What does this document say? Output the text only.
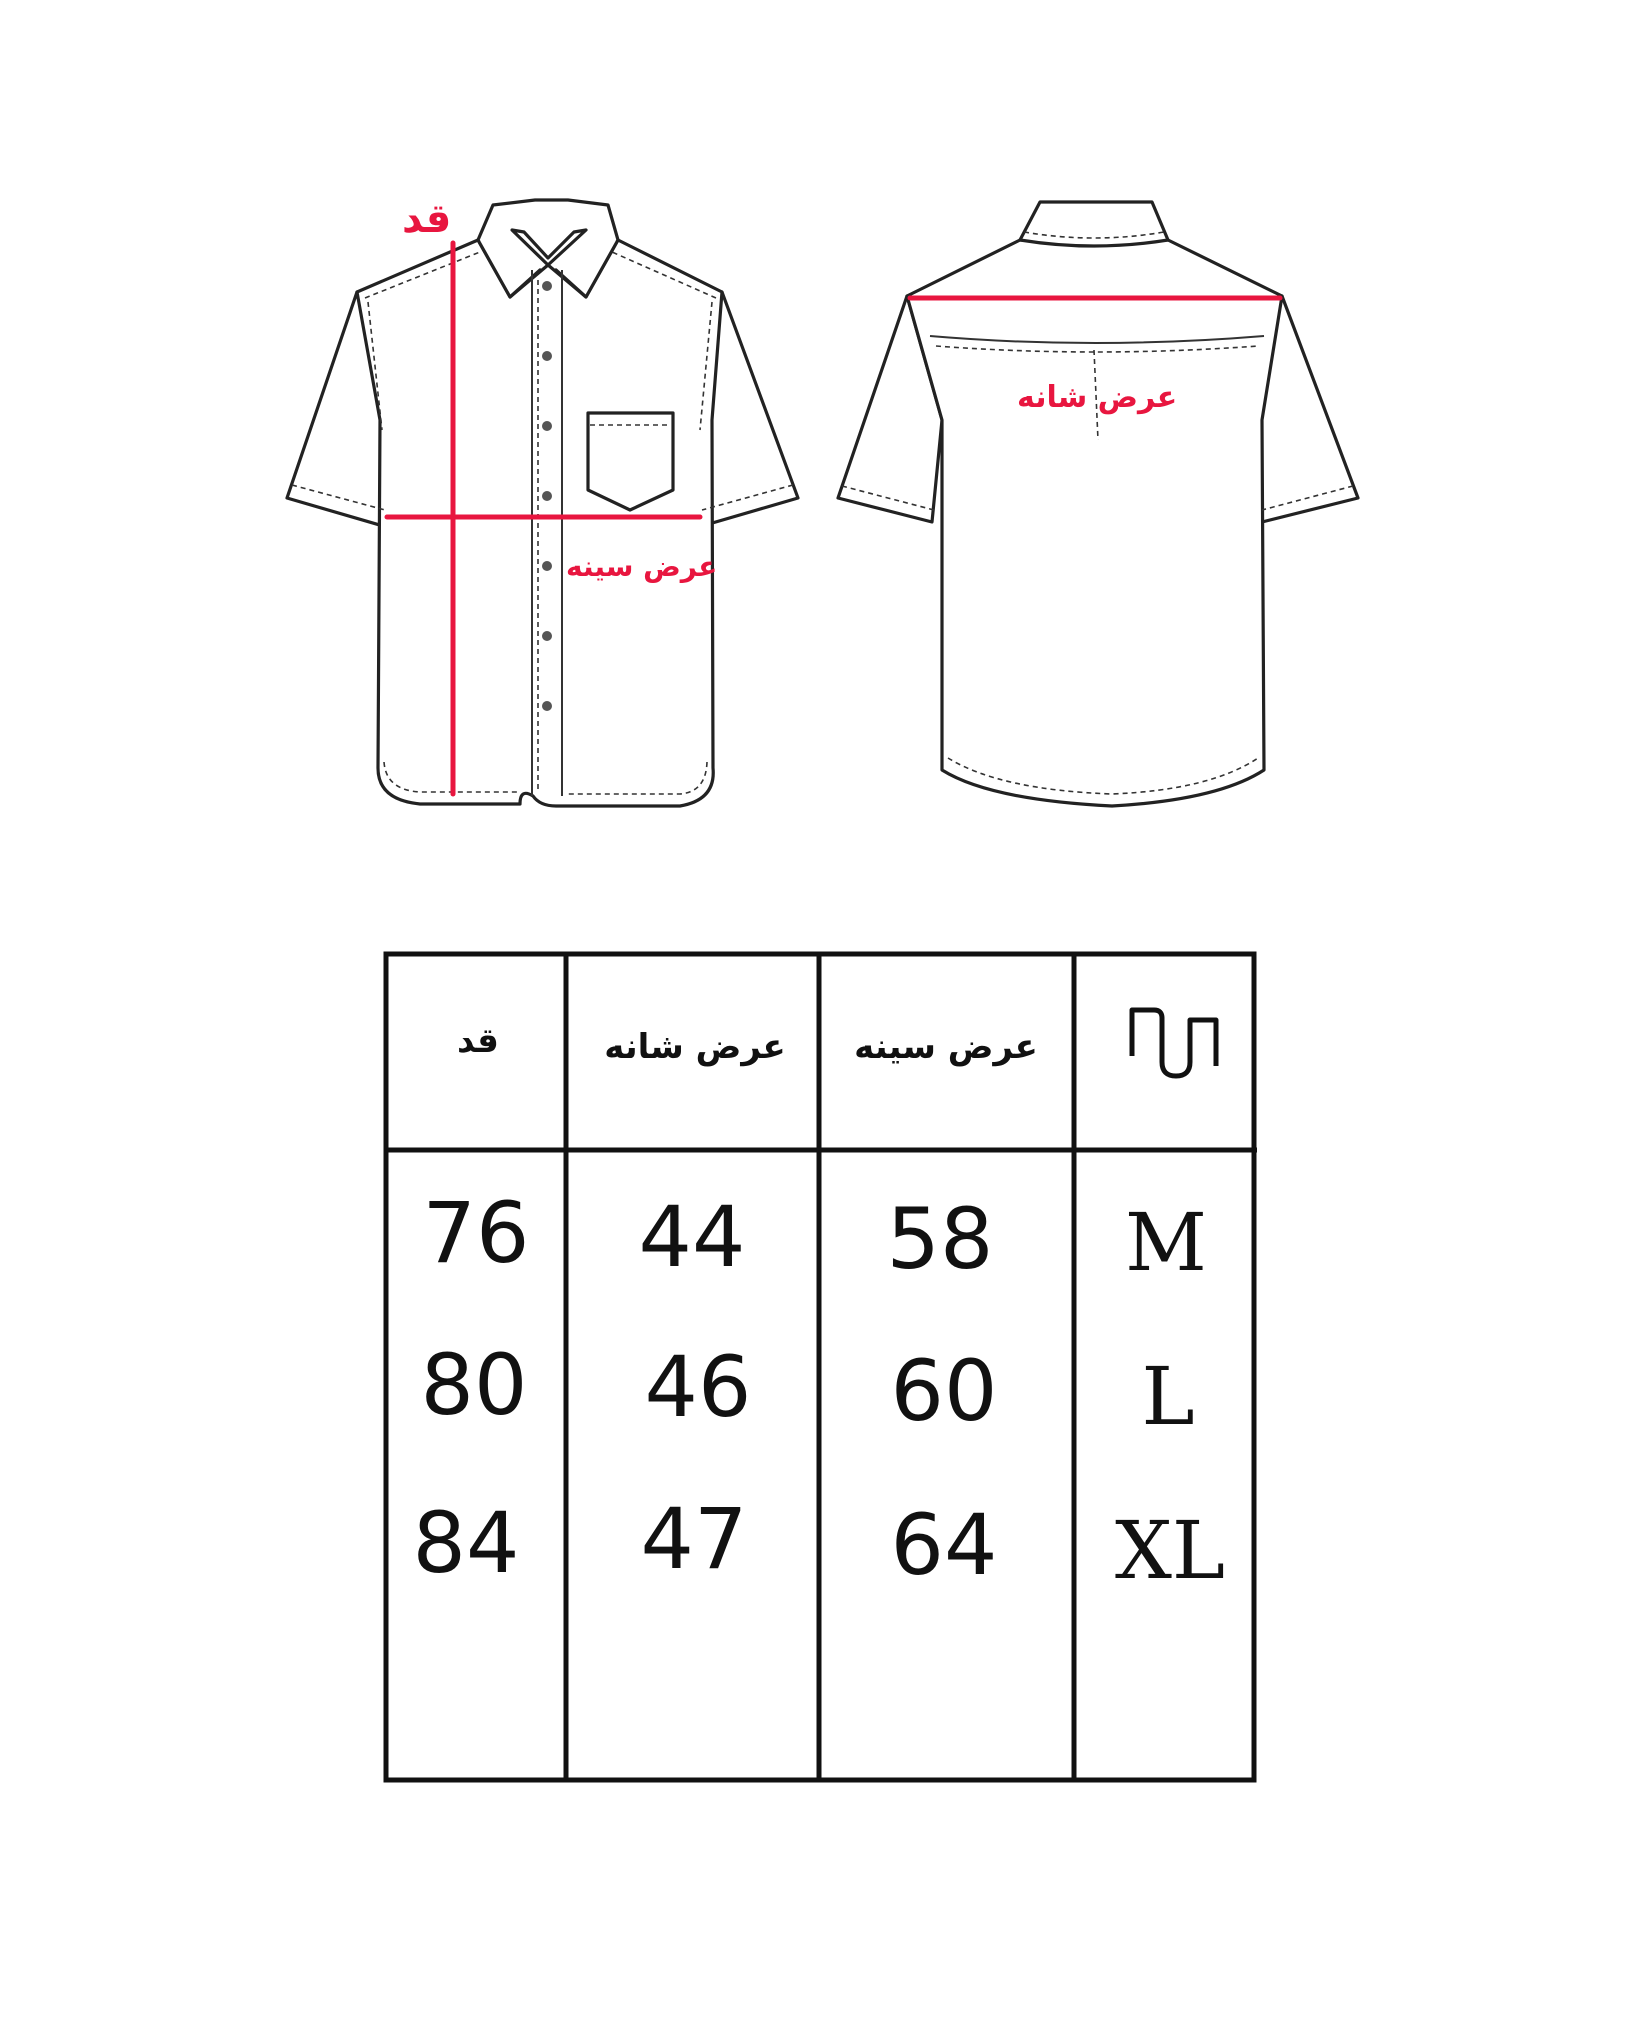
قد
عرض سینه
عرض شانه
قد	عرض شانه عرض سینه
M
58
44
76
L
60
46
80
XL
64
47
84
